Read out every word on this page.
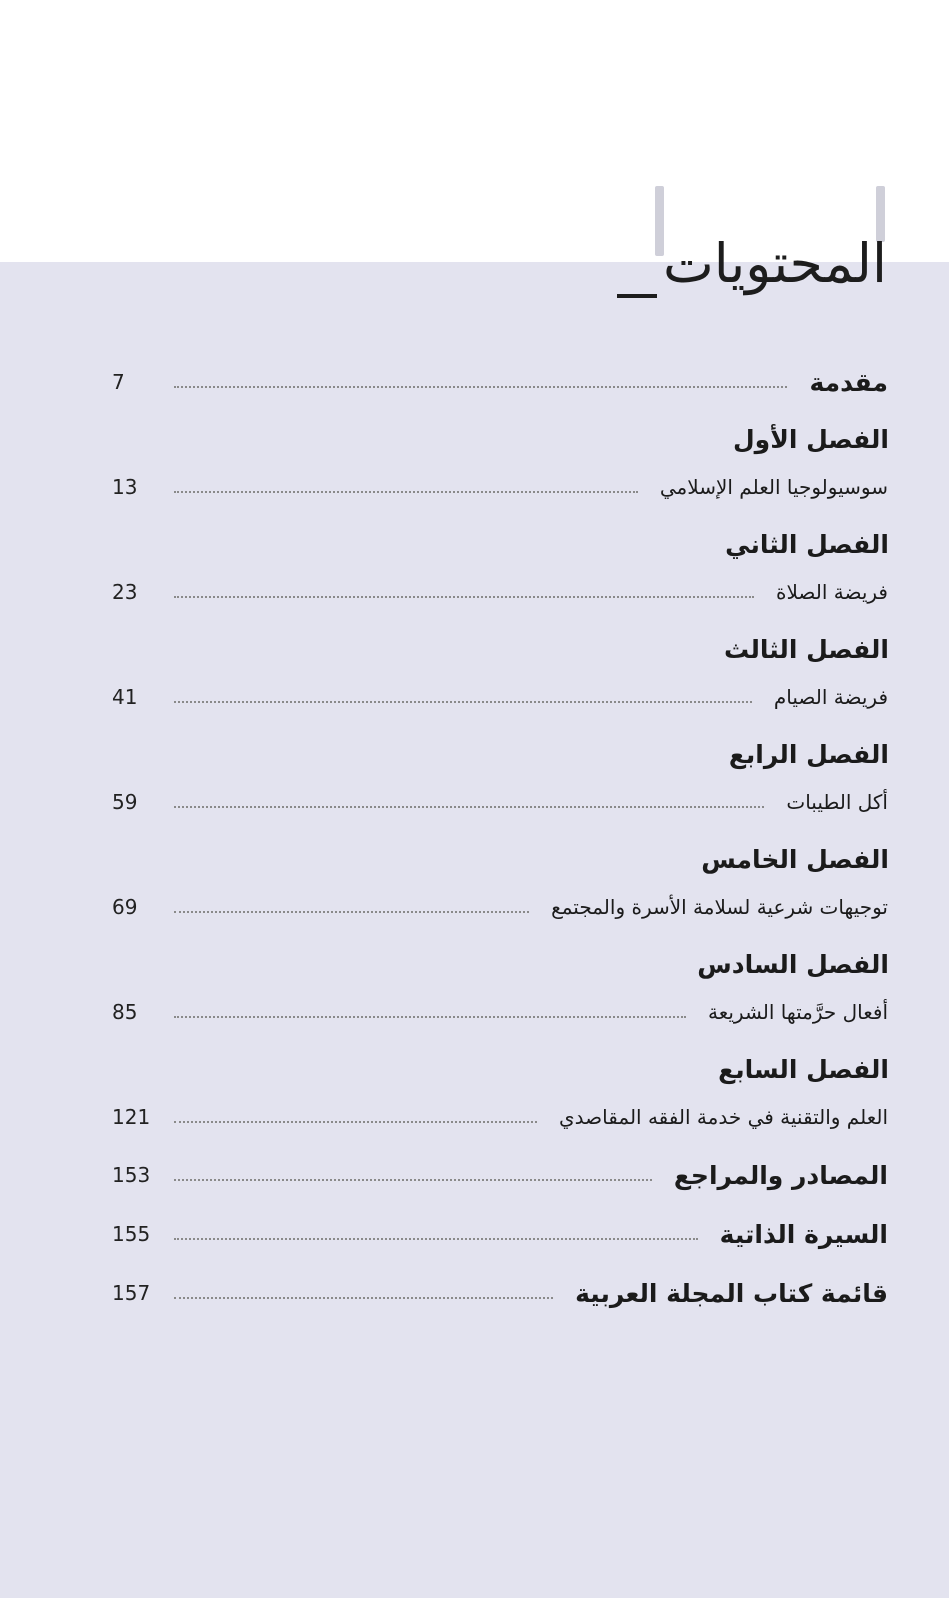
المحتويات
مقدمة
7
الفصل الأول
سوسيولوجيا العلم الإسلامي
13
الفصل الثاني
فريضة الصلاة
23
الفصل الثالث
فريضة الصيام
41
الفصل الرابع
أكل الطيبات
59
الفصل الخامس
توجيهات شرعية لسلامة الأسرة والمجتمع
69
الفصل السادس
أفعال حرَّمتها الشريعة
85
الفصل السابع
العلم والتقنية في خدمة الفقه المقاصدي
121
المصادر والمراجع
153
السيرة الذاتية
155
قائمة كتاب المجلة العربية
157
